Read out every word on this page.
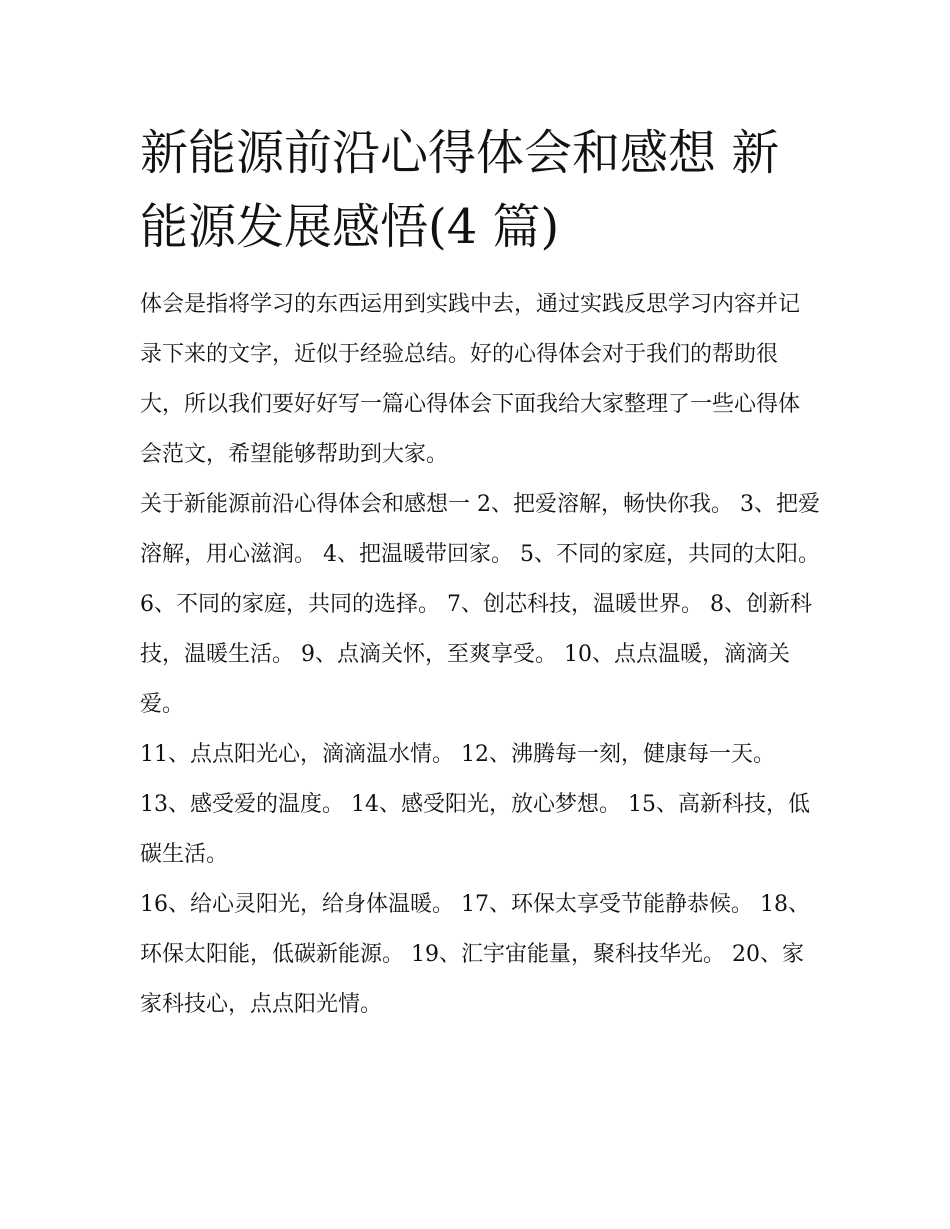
新能源前沿心得体会和感想 新能源发展感悟(4 篇)

体会是指将学习的东西运用到实践中去，通过实践反思学习内容并记录下来的文字，近似于经验总结。好的心得体会对于我们的帮助很大，所以我们要好好写一篇心得体会下面我给大家整理了一些心得体会范文，希望能够帮助到大家。

关于新能源前沿心得体会和感想一 2、把爱溶解，畅快你我。 3、把爱溶解，用心滋润。 4、把温暖带回家。 5、不同的家庭，共同的太阳。

6、不同的家庭，共同的选择。 7、创芯科技，温暖世界。 8、创新科技，温暖生活。 9、点滴关怀，至爽享受。 10、点点温暖，滴滴关爱。

11、点点阳光心，滴滴温水情。 12、沸腾每一刻，健康每一天。 13、感受爱的温度。 14、感受阳光，放心梦想。 15、高新科技，低碳生活。

16、给心灵阳光，给身体温暖。 17、环保太享受节能静恭候。 18、环保太阳能，低碳新能源。 19、汇宇宙能量，聚科技华光。 20、家家科技心，点点阳光情。
